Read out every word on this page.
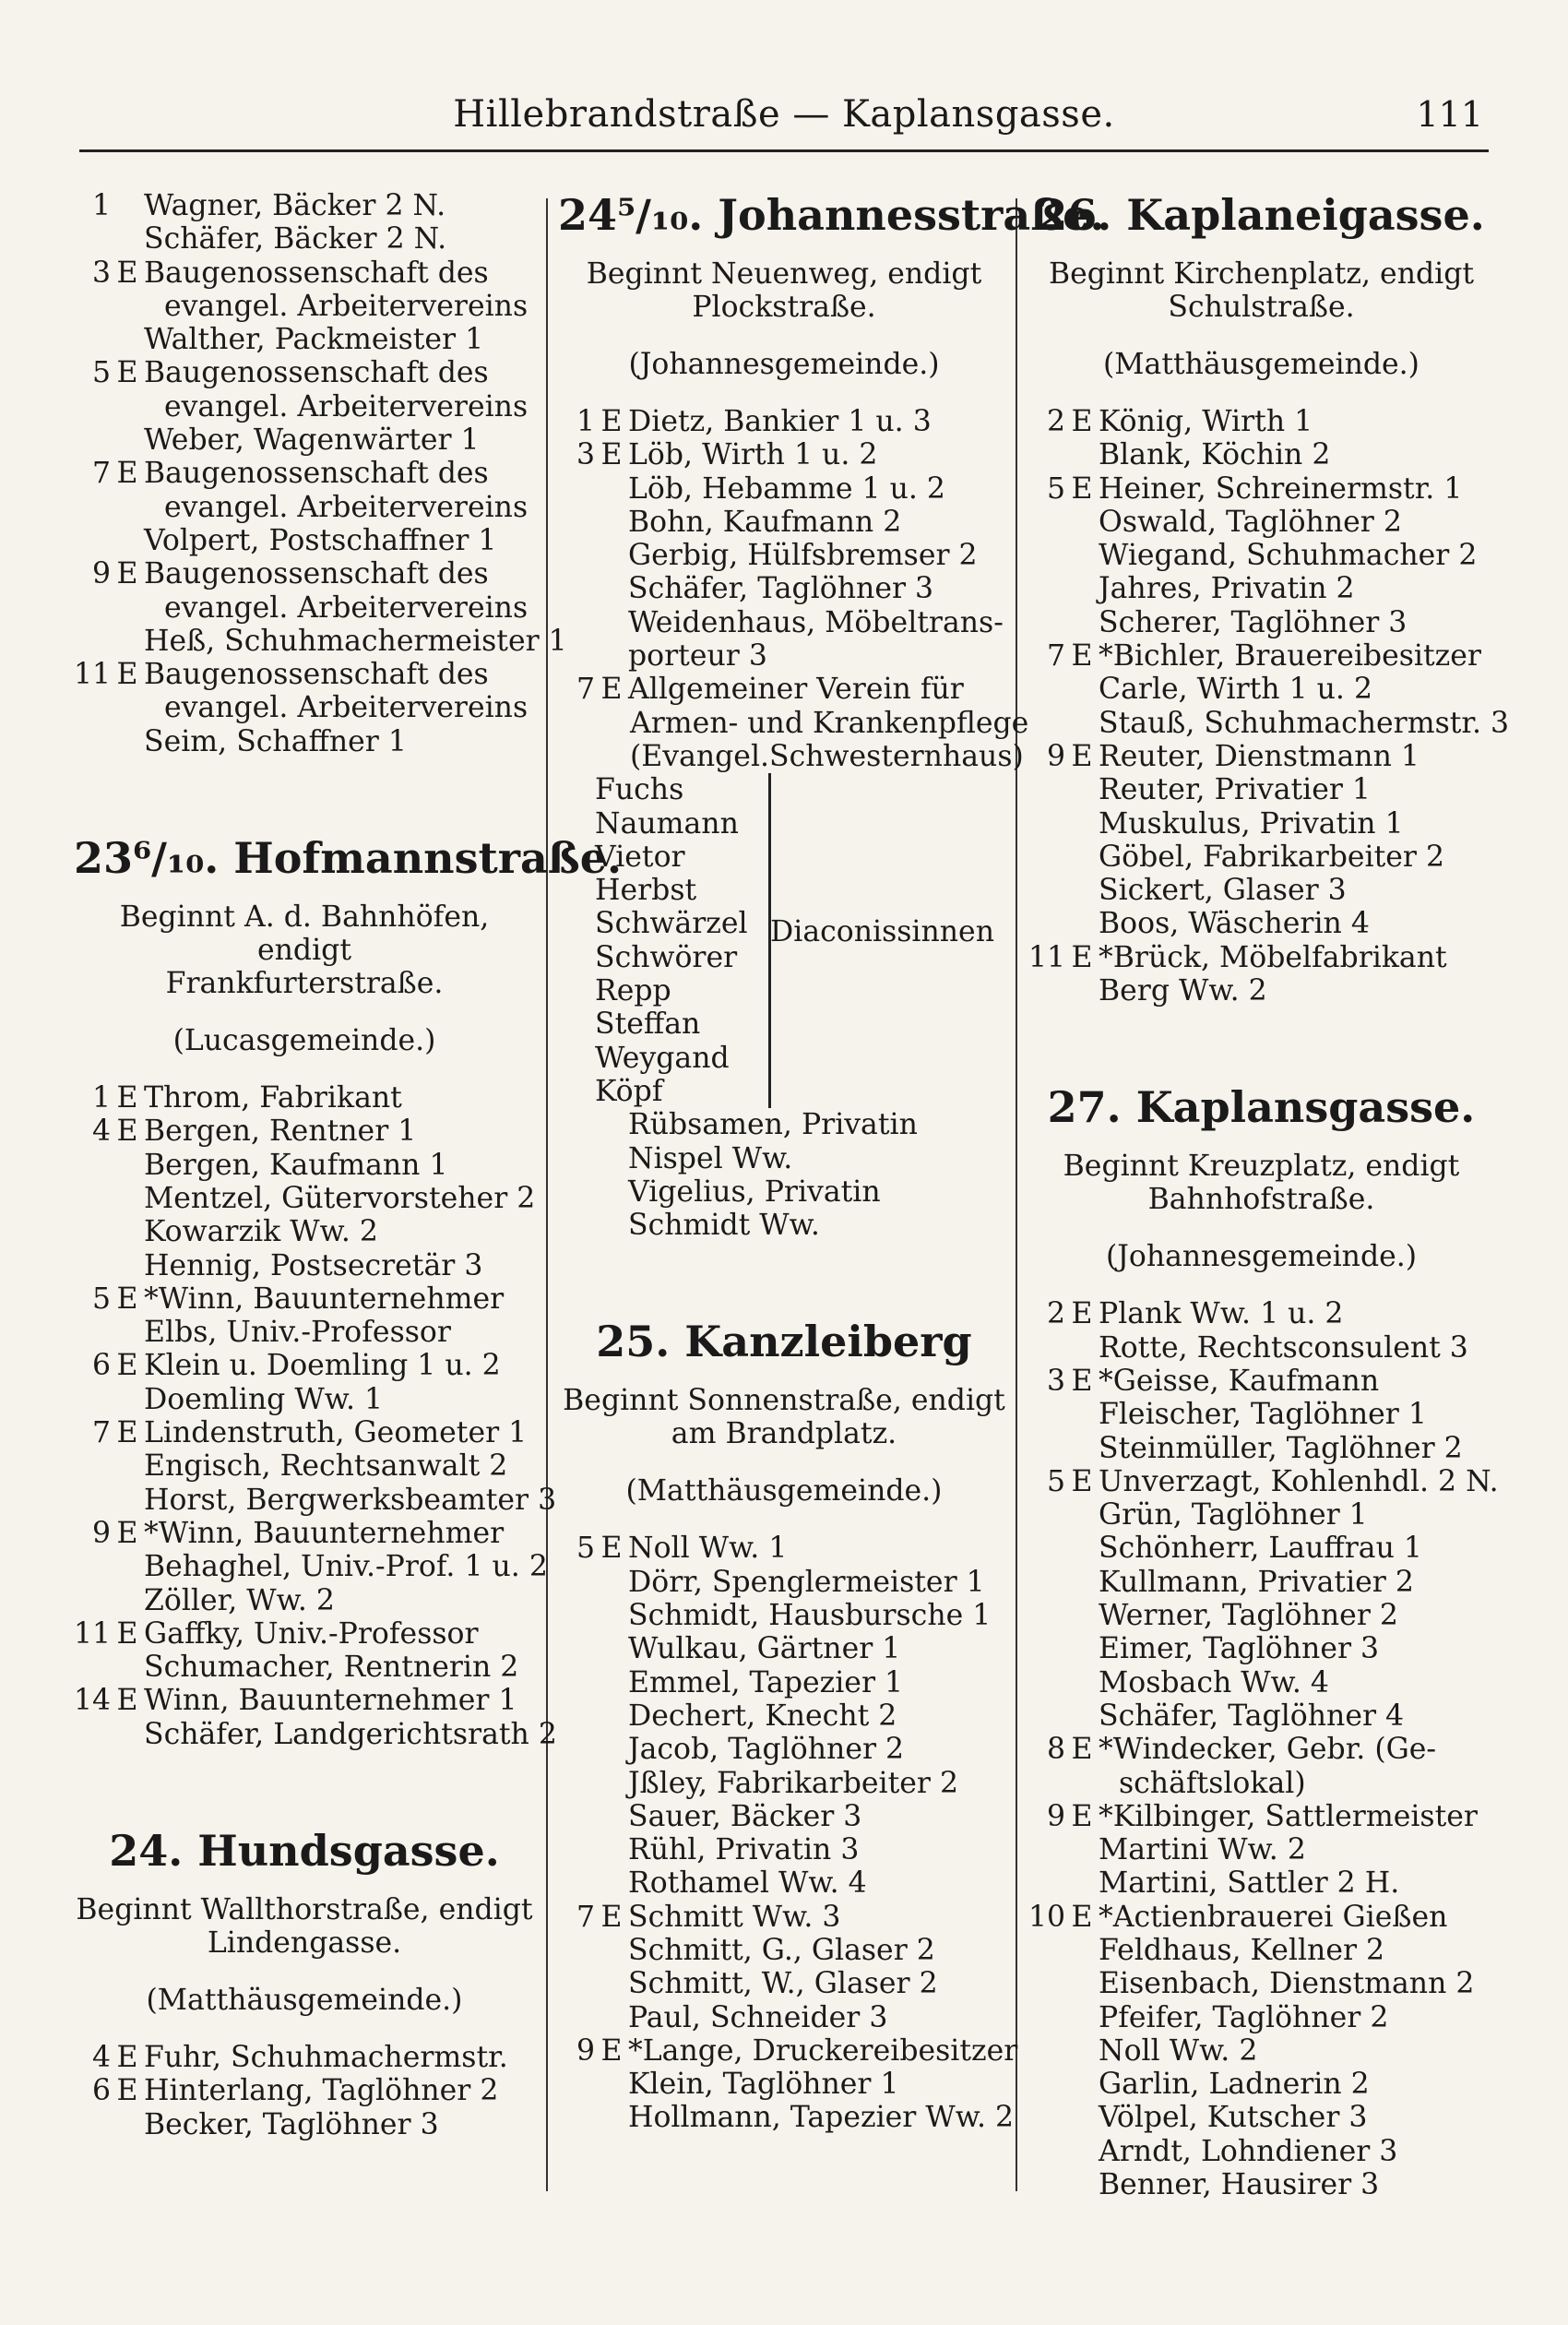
Hillebrandstraße — Kaplansgasse.	111
1 Wagner, Bäcker 2 N.
Schäfer, Bäcker 2 N.
3 E Baugenossenschaft des
evangel. Arbeitervereins
Walther, Packmeister 1
5 E Baugenossenschaft des
evangel. Arbeitervereins
Weber, Wagenwärter 1
7 E Baugenossenschaft des
evangel. Arbeitervereins
Volpert, Postschaffner 1
9 E Baugenossenschaft des
evangel. Arbeitervereins
Heß, Schuhmachermeister 1
11 E Baugenossenschaft des
evangel. Arbeitervereins
Seim, Schaffner 1
23⁶/₁₀. Hofmannstraße.
Beginnt A. d. Bahnhöfen, endigt
Frankfurterstraße.
(Lucasgemeinde.)
1 E Throm, Fabrikant
4 E Bergen, Rentner 1
Bergen, Kaufmann 1
Mentzel, Gütervorsteher 2
Kowarzik Ww. 2
Hennig, Postsecretär 3
5 E *Winn, Bauunternehmer
Elbs, Univ.-Professor
6 E Klein u. Doemling 1 u. 2
Doemling Ww. 1
7 E Lindenstruth, Geometer 1
Engisch, Rechtsanwalt 2
Horst, Bergwerksbeamter 3
9 E *Winn, Bauunternehmer
Behaghel, Univ.-Prof. 1 u. 2
Zöller, Ww. 2
11 E Gaffky, Univ.-Professor
Schumacher, Rentnerin 2
14 E Winn, Bauunternehmer 1
Schäfer, Landgerichtsrath 2
24. Hundsgasse.
Beginnt Wallthorstraße, endigt
Lindengasse.
(Matthäusgemeinde.)
4 E Fuhr, Schuhmachermstr.
6 E Hinterlang, Taglöhner 2
Becker, Taglöhner 3
24⁵/₁₀. Johannesstraße.
Beginnt Neuenweg, endigt
Plockstraße.
(Johannesgemeinde.)
1 E Dietz, Bankier 1 u. 3
3 E Löb, Wirth 1 u. 2
Löb, Hebamme 1 u. 2
Bohn, Kaufmann 2
Gerbig, Hülfsbremser 2
Schäfer, Taglöhner 3
Weidenhaus, Möbeltrans-
porteur 3
7 E Allgemeiner Verein für
Armen- und Krankenpflege
(Evangel.Schwesternhaus)
Fuchs
Naumann
Vietor
Herbst
Schwärzel
Schwörer
Repp
Steffan
Weygand
Köpf
Diaconissinnen
Rübsamen, Privatin
Nispel Ww.
Vigelius, Privatin
Schmidt Ww.
25. Kanzleiberg
Beginnt Sonnenstraße, endigt
am Brandplatz.
(Matthäusgemeinde.)
5 E Noll Ww. 1
Dörr, Spenglermeister 1
Schmidt, Hausbursche 1
Wulkau, Gärtner 1
Emmel, Tapezier 1
Dechert, Knecht 2
Jacob, Taglöhner 2
Jßley, Fabrikarbeiter 2
Sauer, Bäcker 3
Rühl, Privatin 3
Rothamel Ww. 4
7 E Schmitt Ww. 3
Schmitt, G., Glaser 2
Schmitt, W., Glaser 2
Paul, Schneider 3
9 E *Lange, Druckereibesitzer
Klein, Taglöhner 1
Hollmann, Tapezier Ww. 2
26. Kaplaneigasse.
Beginnt Kirchenplatz, endigt
Schulstraße.
(Matthäusgemeinde.)
2 E König, Wirth 1
Blank, Köchin 2
5 E Heiner, Schreinermstr. 1
Oswald, Taglöhner 2
Wiegand, Schuhmacher 2
Jahres, Privatin 2
Scherer, Taglöhner 3
7 E *Bichler, Brauereibesitzer
Carle, Wirth 1 u. 2
Stauß, Schuhmachermstr. 3
9 E Reuter, Dienstmann 1
Reuter, Privatier 1
Muskulus, Privatin 1
Göbel, Fabrikarbeiter 2
Sickert, Glaser 3
Boos, Wäscherin 4
11 E *Brück, Möbelfabrikant
Berg Ww. 2
27. Kaplansgasse.
Beginnt Kreuzplatz, endigt
Bahnhofstraße.
(Johannesgemeinde.)
2 E Plank Ww. 1 u. 2
Rotte, Rechtsconsulent 3
3 E *Geisse, Kaufmann
Fleischer, Taglöhner 1
Steinmüller, Taglöhner 2
5 E Unverzagt, Kohlenhdl. 2 N.
Grün, Taglöhner 1
Schönherr, Lauffrau 1
Kullmann, Privatier 2
Werner, Taglöhner 2
Eimer, Taglöhner 3
Mosbach Ww. 4
Schäfer, Taglöhner 4
8 E *Windecker, Gebr. (Ge-
schäftslokal)
9 E *Kilbinger, Sattlermeister
Martini Ww. 2
Martini, Sattler 2 H.
10 E *Actienbrauerei Gießen
Feldhaus, Kellner 2
Eisenbach, Dienstmann 2
Pfeifer, Taglöhner 2
Noll Ww. 2
Garlin, Ladnerin 2
Völpel, Kutscher 3
Arndt, Lohndiener 3
Benner, Hausirer 3
